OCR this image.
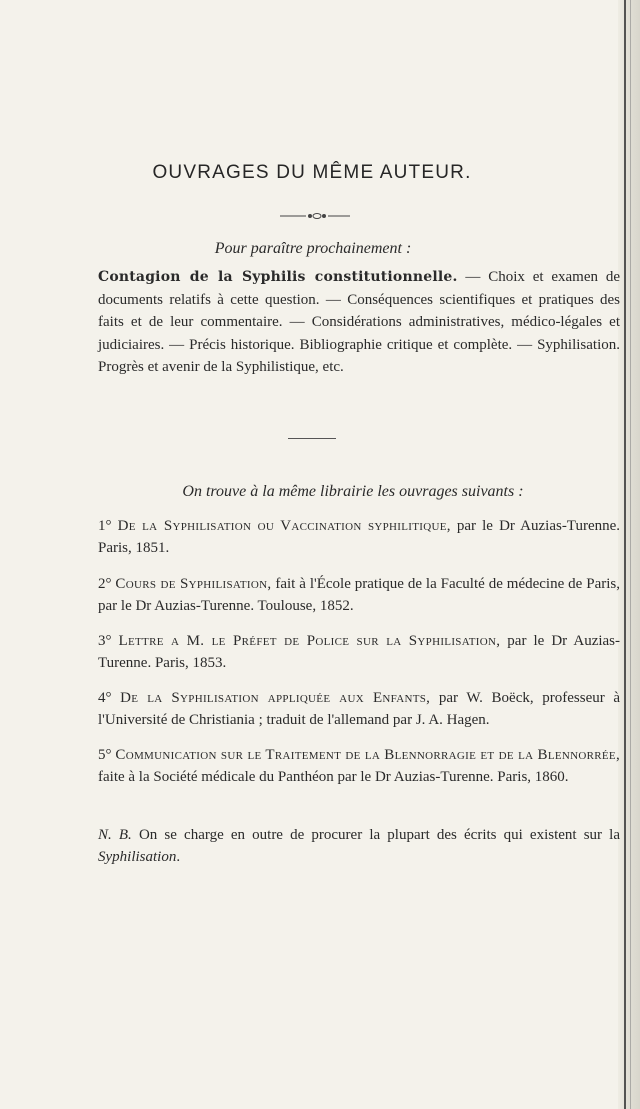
OUVRAGES DU MÊME AUTEUR.
Pour paraître prochainement :
Contagion de la Syphilis constitutionnelle. — Choix et examen de documents relatifs à cette question. — Conséquences scientifiques et pratiques des faits et de leur commentaire. — Considérations administratives, médico-légales et judiciaires. — Précis historique. Bibliographie critique et complète. — Syphilisation. Progrès et avenir de la Syphilistique, etc.
On trouve à la même librairie les ouvrages suivants :
1° De la Syphilisation ou Vaccination syphilitique, par le Dr Auzias-Turenne. Paris, 1851.
2° Cours de Syphilisation, fait à l'École pratique de la Faculté de médecine de Paris, par le Dr Auzias-Turenne. Toulouse, 1852.
3° Lettre a M. le Préfet de Police sur la Syphilisation, par le Dr Auzias-Turenne. Paris, 1853.
4° De la Syphilisation appliquée aux Enfants, par W. Boëck, professeur à l'Université de Christiania ; traduit de l'allemand par J. A. Hagen.
5° Communication sur le Traitement de la Blennorragie et de la Blennorrée, faite à la Société médicale du Panthéon par le Dr Auzias-Turenne. Paris, 1860.
N. B. On se charge en outre de procurer la plupart des écrits qui existent sur la Syphilisation.
